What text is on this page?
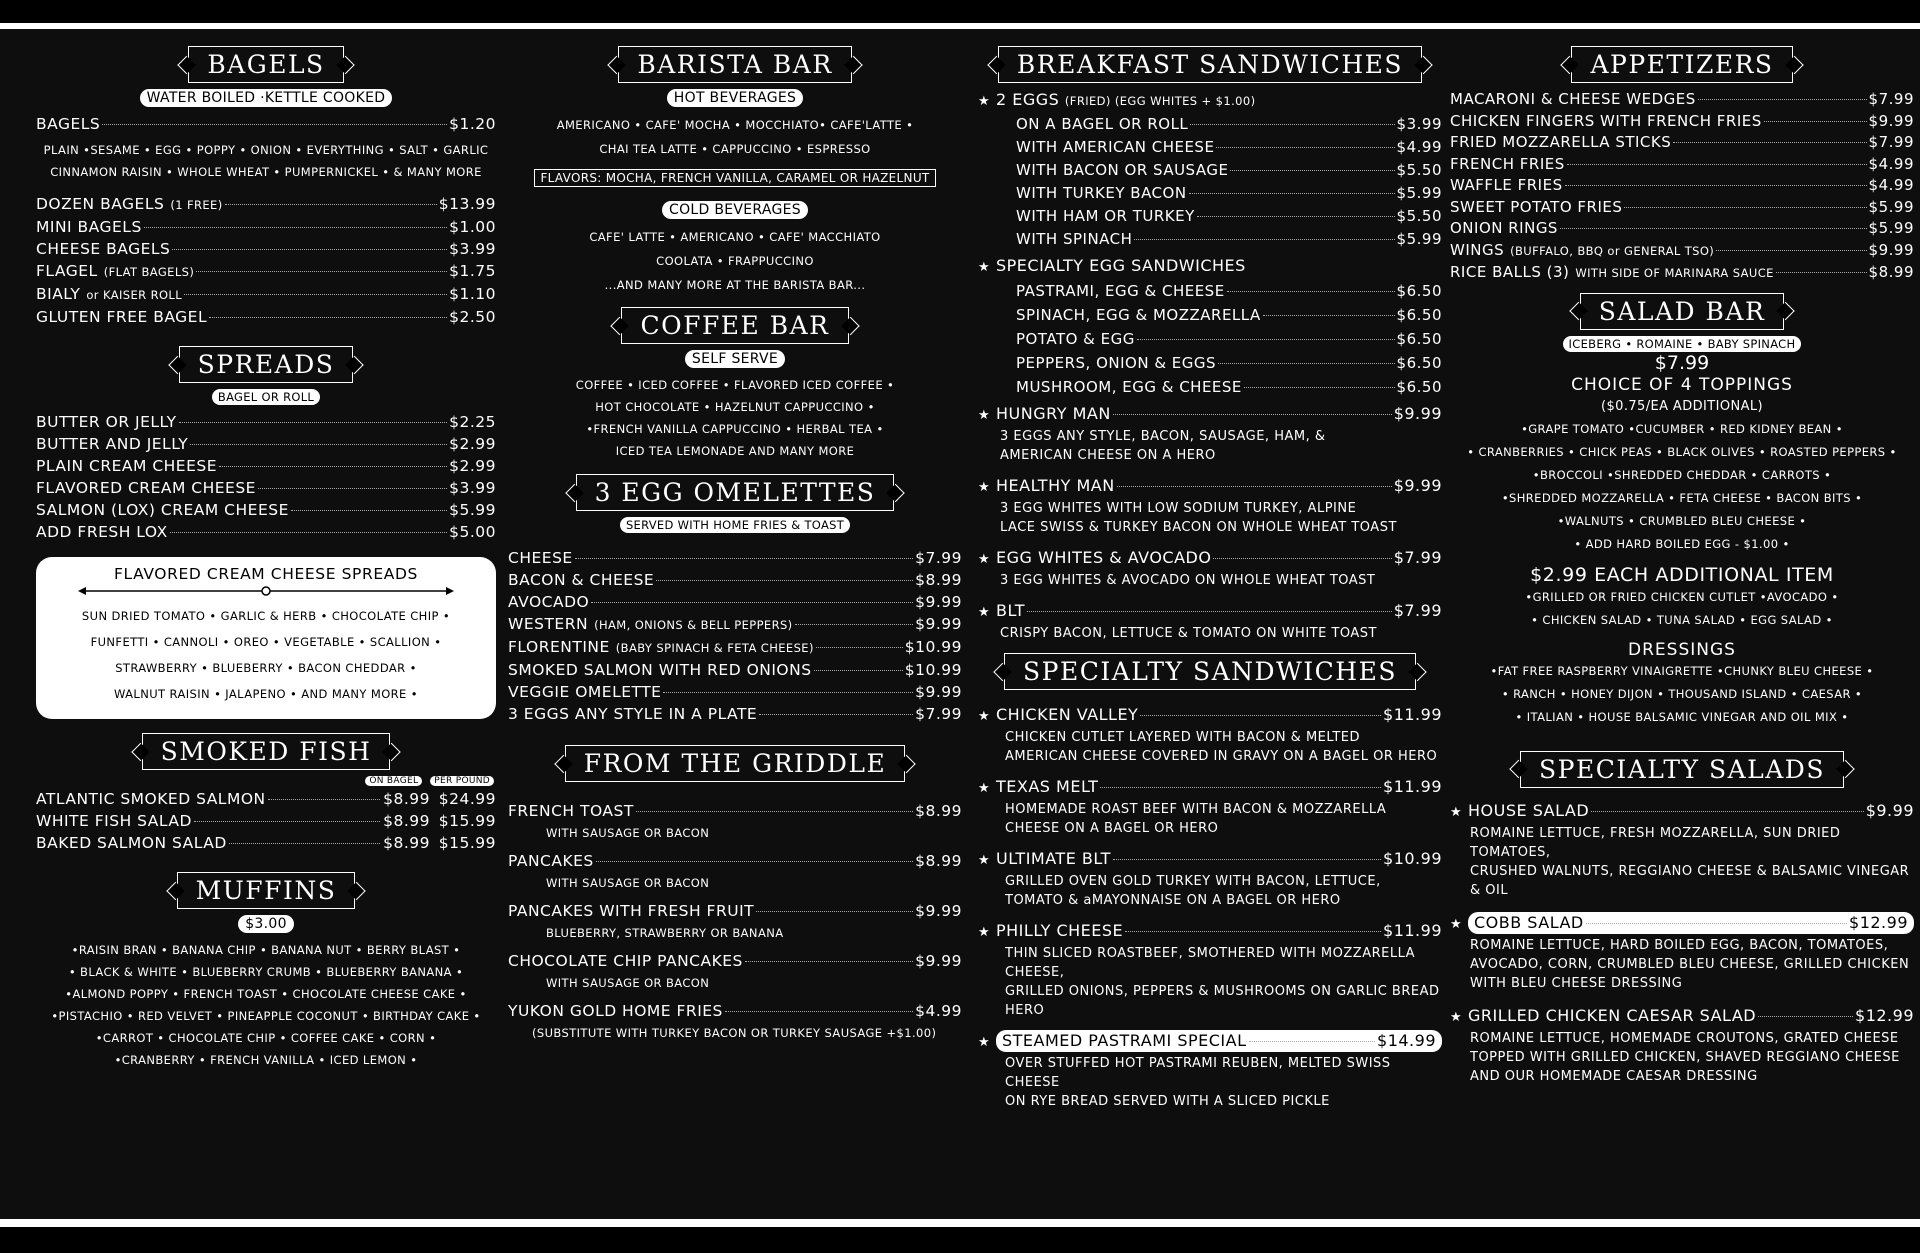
BAGELS
WATER BOILED ·KETTLE COOKED
BAGELS	$1.20
PLAIN •SESAME • EGG • POPPY • ONION • EVERYTHING • SALT • GARLIC
CINNAMON RAISIN • WHOLE WHEAT • PUMPERNICKEL • & MANY MORE
DOZEN BAGELS (1 FREE)	$13.99
MINI BAGELS	$1.00
CHEESE BAGELS	$3.99
FLAGEL (FLAT BAGELS)	$1.75
BIALY or KAISER ROLL	$1.10
GLUTEN FREE BAGEL	$2.50
SPREADS
BAGEL OR ROLL
BUTTER OR JELLY	$2.25
BUTTER AND JELLY	$2.99
PLAIN CREAM CHEESE	$2.99
FLAVORED CREAM CHEESE	$3.99
SALMON (LOX) CREAM CHEESE	$5.99
ADD FRESH LOX	$5.00
FLAVORED CREAM CHEESE SPREADS
SUN DRIED TOMATO • GARLIC & HERB • CHOCOLATE CHIP •
FUNFETTI • CANNOLI • OREO • VEGETABLE • SCALLION •
STRAWBERRY • BLUEBERRY • BACON CHEDDAR •
WALNUT RAISIN • JALAPENO • AND MANY MORE •
SMOKED FISH
ON BAGEL	PER POUND
ATLANTIC SMOKED SALMON	$8.99 $24.99
WHITE FISH SALAD	$8.99 $15.99
BAKED SALMON SALAD	$8.99 $15.99
MUFFINS
$3.00
•RAISIN BRAN • BANANA CHIP • BANANA NUT • BERRY BLAST •
• BLACK & WHITE • BLUEBERRY CRUMB • BLUEBERRY BANANA •
•ALMOND POPPY • FRENCH TOAST • CHOCOLATE CHEESE CAKE •
•PISTACHIO • RED VELVET • PINEAPPLE COCONUT • BIRTHDAY CAKE •
•CARROT • CHOCOLATE CHIP • COFFEE CAKE • CORN •
•CRANBERRY • FRENCH VANILLA • ICED LEMON •
BARISTA BAR
HOT BEVERAGES
AMERICANO • CAFE' MOCHA • MOCCHIATO• CAFE'LATTE •
CHAI TEA LATTE • CAPPUCCINO • ESPRESSO
FLAVORS: MOCHA, FRENCH VANILLA, CARAMEL OR HAZELNUT
COLD BEVERAGES
CAFE' LATTE • AMERICANO • CAFE' MACCHIATO
COOLATA • FRAPPUCCINO
...AND MANY MORE AT THE BARISTA BAR...
COFFEE BAR
SELF SERVE
COFFEE • ICED COFFEE • FLAVORED ICED COFFEE •
HOT CHOCOLATE • HAZELNUT CAPPUCCINO •
•FRENCH VANILLA CAPPUCCINO • HERBAL TEA •
ICED TEA LEMONADE AND MANY MORE
3 EGG OMELETTES
SERVED WITH HOME FRIES & TOAST
CHEESE	$7.99
BACON & CHEESE	$8.99
AVOCADO	$9.99
WESTERN (HAM, ONIONS & BELL PEPPERS)	$9.99
FLORENTINE (BABY SPINACH & FETA CHEESE)	$10.99
SMOKED SALMON WITH RED ONIONS	$10.99
VEGGIE OMELETTE	$9.99
3 EGGS ANY STYLE IN A PLATE	$7.99
FROM THE GRIDDLE
FRENCH TOAST	$8.99
WITH SAUSAGE OR BACON
PANCAKES	$8.99
WITH SAUSAGE OR BACON
PANCAKES WITH FRESH FRUIT	$9.99
BLUEBERRY, STRAWBERRY OR BANANA
CHOCOLATE CHIP PANCAKES	$9.99
WITH SAUSAGE OR BACON
YUKON GOLD HOME FRIES	$4.99
(SUBSTITUTE WITH TURKEY BACON OR TURKEY SAUSAGE +$1.00)
BREAKFAST SANDWICHES
★ 2 EGGS
(FRIED) (EGG WHITES + $1.00)
ON A BAGEL OR ROLL	$3.99
WITH AMERICAN CHEESE	$4.99
WITH BACON OR SAUSAGE	$5.50
WITH TURKEY BACON	$5.99
WITH HAM OR TURKEY	$5.50
WITH SPINACH	$5.99
★ SPECIALTY EGG SANDWICHES
PASTRAMI, EGG & CHEESE	$6.50
SPINACH, EGG & MOZZARELLA	$6.50
POTATO & EGG	$6.50
PEPPERS, ONION & EGGS	$6.50
MUSHROOM, EGG & CHEESE	$6.50
★ HUNGRY MAN	$9.99
3 EGGS ANY STYLE, BACON, SAUSAGE, HAM, &
AMERICAN CHEESE ON A HERO
★ HEALTHY MAN	$9.99
3 EGG WHITES WITH LOW SODIUM TURKEY, ALPINE
LACE SWISS & TURKEY BACON ON WHOLE WHEAT TOAST
★ EGG WHITES & AVOCADO	$7.99
3 EGG WHITES & AVOCADO ON WHOLE WHEAT TOAST
★ BLT	$7.99
CRISPY BACON, LETTUCE & TOMATO ON WHITE TOAST
SPECIALTY SANDWICHES
★ CHICKEN VALLEY	$11.99
CHICKEN CUTLET LAYERED WITH BACON & MELTED
AMERICAN CHEESE COVERED IN GRAVY ON A BAGEL OR HERO
★ TEXAS MELT	$11.99
HOMEMADE ROAST BEEF WITH BACON & MOZZARELLA
CHEESE ON A BAGEL OR HERO
★ ULTIMATE BLT	$10.99
GRILLED OVEN GOLD TURKEY WITH BACON, LETTUCE,
TOMATO & aMAYONNAISE ON A BAGEL OR HERO
★ PHILLY CHEESE	$11.99
THIN SLICED ROASTBEEF, SMOTHERED WITH MOZZARELLA CHEESE,
GRILLED ONIONS, PEPPERS & MUSHROOMS ON GARLIC BREAD HERO
★ STEAMED PASTRAMI SPECIAL	$14.99
OVER STUFFED HOT PASTRAMI REUBEN, MELTED SWISS CHEESE
ON RYE BREAD SERVED WITH A SLICED PICKLE
APPETIZERS
MACARONI & CHEESE WEDGES	$7.99
CHICKEN FINGERS WITH FRENCH FRIES	$9.99
FRIED MOZZARELLA STICKS	$7.99
FRENCH FRIES	$4.99
WAFFLE FRIES	$4.99
SWEET POTATO FRIES	$5.99
ONION RINGS	$5.99
WINGS (BUFFALO, BBQ or GENERAL TSO)	$9.99
RICE BALLS (3) WITH SIDE OF MARINARA SAUCE	$8.99
SALAD BAR
ICEBERG • ROMAINE • BABY SPINACH
$7.99
CHOICE OF 4 TOPPINGS
($0.75/EA ADDITIONAL)
•GRAPE TOMATO •CUCUMBER • RED KIDNEY BEAN •
• CRANBERRIES • CHICK PEAS • BLACK OLIVES • ROASTED PEPPERS •
•BROCCOLI •SHREDDED CHEDDAR • CARROTS •
•SHREDDED MOZZARELLA • FETA CHEESE • BACON BITS •
•WALNUTS • CRUMBLED BLEU CHEESE •
• ADD HARD BOILED EGG - $1.00 •
$2.99 EACH ADDITIONAL ITEM
•GRILLED OR FRIED CHICKEN CUTLET •AVOCADO •
• CHICKEN SALAD • TUNA SALAD • EGG SALAD •
DRESSINGS
•FAT FREE RASPBERRY VINAIGRETTE •CHUNKY BLEU CHEESE •
• RANCH • HONEY DIJON • THOUSAND ISLAND • CAESAR •
• ITALIAN • HOUSE BALSAMIC VINEGAR AND OIL MIX •
SPECIALTY SALADS
★ HOUSE SALAD	$9.99
ROMAINE LETTUCE, FRESH MOZZARELLA, SUN DRIED TOMATOES,
CRUSHED WALNUTS, REGGIANO CHEESE & BALSAMIC VINEGAR & OIL
★ COBB SALAD	$12.99
ROMAINE LETTUCE, HARD BOILED EGG, BACON, TOMATOES,
AVOCADO, CORN, CRUMBLED BLEU CHEESE, GRILLED CHICKEN
WITH BLEU CHEESE DRESSING
★ GRILLED CHICKEN CAESAR SALAD	$12.99
ROMAINE LETTUCE, HOMEMADE CROUTONS, GRATED CHEESE
TOPPED WITH GRILLED CHICKEN, SHAVED REGGIANO CHEESE
AND OUR HOMEMADE CAESAR DRESSING
